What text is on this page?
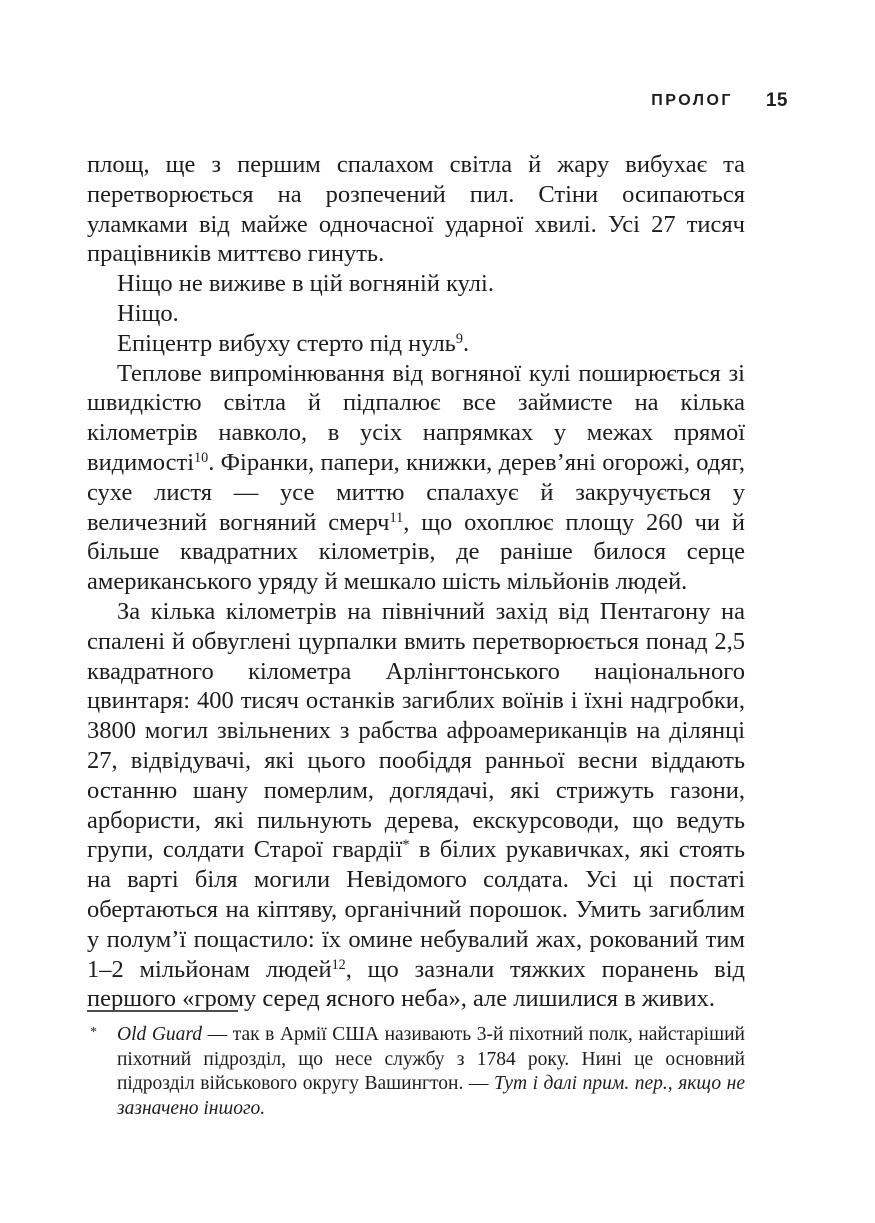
ПРОЛОГ 15

площ, ще з першим спалахом світла й жару вибухає та перетворюється на розпечений пил. Стіни осипаються уламками від майже одночасної ударної хвилі. Усі 27 тисяч працівників миттєво гинуть.

Ніщо не виживе в цій вогняній кулі.

Ніщо.

Епіцентр вибуху стерто під нуль$^9$.

Теплове випромінювання від вогняної кулі поширюється зі швидкістю світла й підпалює все займисте на кілька кілометрів навколо, в усіх напрямках у межах прямої видимості$^{10}$. Фіранки, папери, книжки, дерев’яні огорожі, одяг, сухе листя — усе миттю спалахує й закручується у величезний вогняний смерч$^{11}$, що охоплює площу 260 чи й більше квадратних кілометрів, де раніше билося серце американського уряду й мешкало шість мільйонів людей.

За кілька кілометрів на північний захід від Пентагону на спалені й обвуглені цурпалки вмить перетворюється понад 2,5 квадратного кілометра Арлінгтонського національного цвинтаря: 400 тисяч останків загиблих воїнів і їхні надгробки, 3800 могил звільнених з рабства афроамериканців на ділянці 27, відвідувачі, які цього пообіддя ранньої весни віддають останню шану померлим, доглядачі, які стрижуть газони, арбористи, які пильнують дерева, екскурсоводи, що ведуть групи, солдати Старої гвардії* в білих рукавичках, які стоять на варті біля могили Невідомого солдата. Усі ці постаті обертаються на кіптяву, органічний порошок. Умить загиблим у полум’ї пощастило: їх омине небувалий жах, рокований тим 1–2 мільйонам людей$^{12}$, що зазнали тяжких поранень від першого «грому серед ясного неба», але лишилися в живих.

* Old Guard — так в Армії США називають 3-й піхотний полк, найстаріший піхотний підрозділ, що несе службу з 1784 року. Нині це основний підрозділ військового округу Вашингтон. — Тут і далі прим. пер., якщо не зазначено іншого.
